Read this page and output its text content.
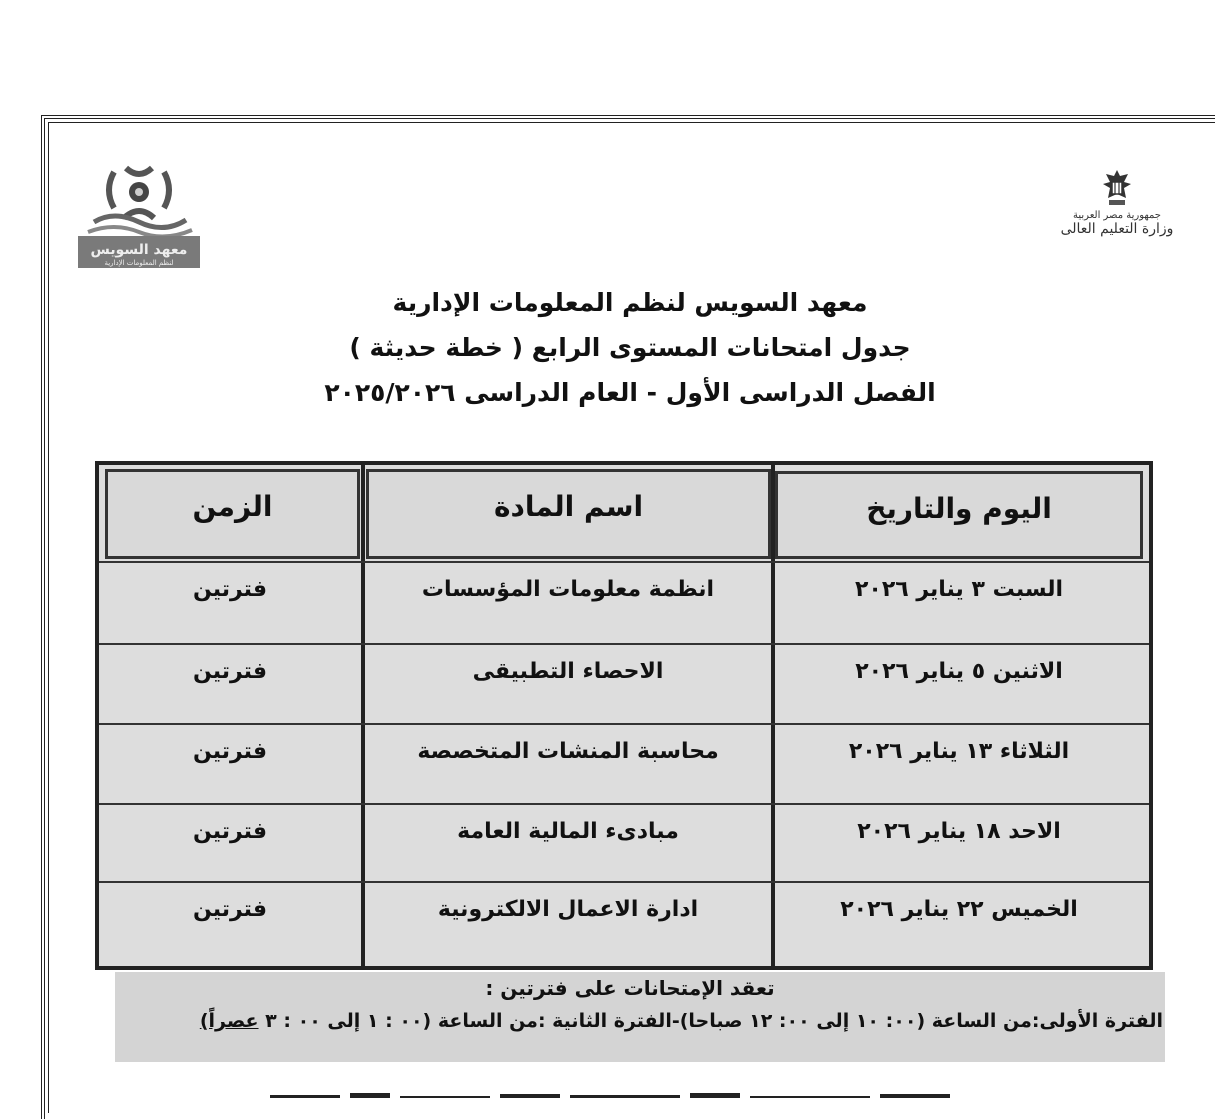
جمهورية مصر العربية
وزارة التعليم العالى
معهد السويس
لنظم المعلومات الإدارية
معهد السويس لنظم المعلومات الإدارية
جدول امتحانات المستوى الرابع ( خطة حديثة )
الفصل الدراسى الأول - العام الدراسى ٢٠٢٥/٢٠٢٦
اليوم والتاريخ
اسم المادة
الزمن
السبت ٣ يناير ٢٠٢٦
انظمة معلومات المؤسسات
فترتين
الاثنين ٥ يناير ٢٠٢٦
الاحصاء التطبيقى
فترتين
الثلاثاء ١٣ يناير ٢٠٢٦
محاسبة المنشات المتخصصة
فترتين
الاحد ١٨ يناير ٢٠٢٦
مبادىء المالية العامة
فترتين
الخميس ٢٢ يناير ٢٠٢٦
ادارة الاعمال الالكترونية
فترتين
تعقد الإمتحانات على فترتين :
الفترة الأولى:من الساعة (٠٠: ١٠ إلى ٠٠: ١٢ صباحا)-الفترة الثانية :من الساعة (٠٠ : ١ إلى ٠٠ : ٣ عصراً)
